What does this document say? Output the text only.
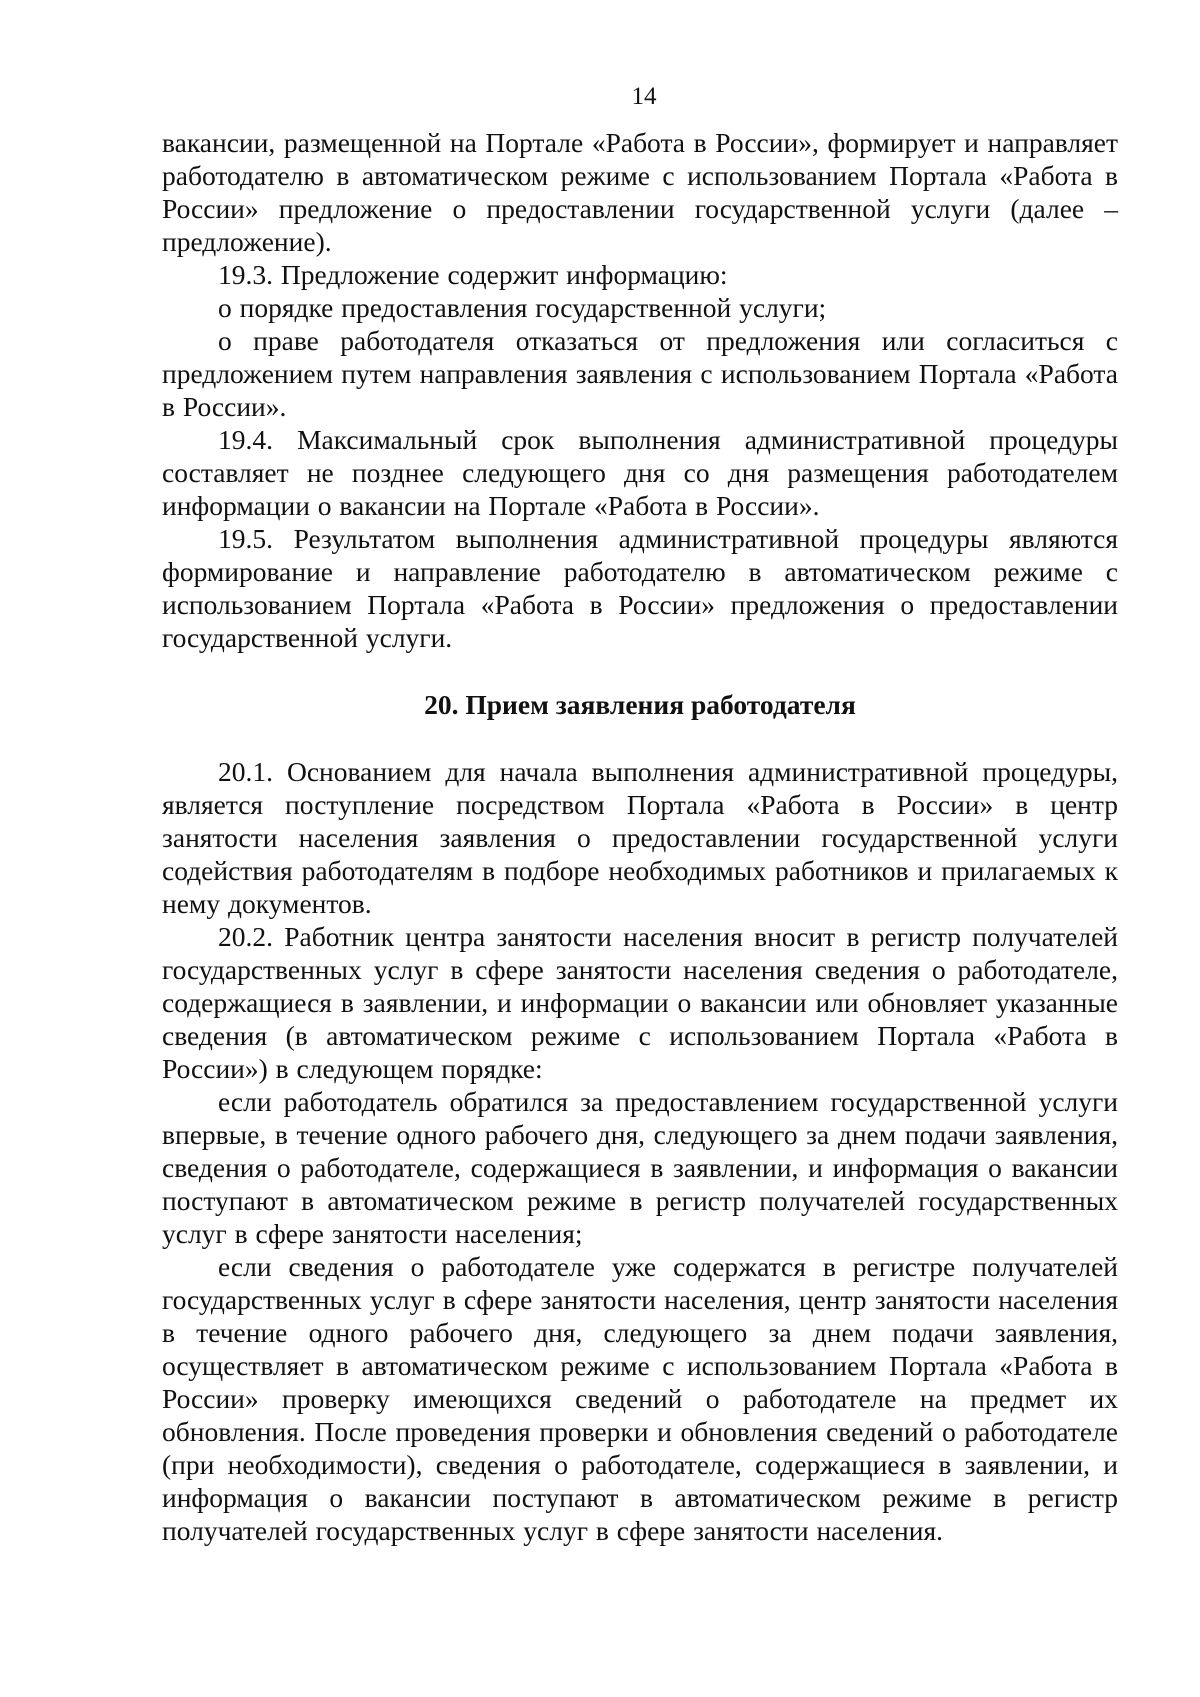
14

вакансии, размещенной на Портале «Работа в России», формирует и направляет работодателю в автоматическом режиме с использованием Портала «Работа в России» предложение о предоставлении государственной услуги (далее – предложение).

19.3. Предложение содержит информацию:

о порядке предоставления государственной услуги;

о праве работодателя отказаться от предложения или согласиться с предложением путем направления заявления с использованием Портала «Работа в России».

19.4. Максимальный срок выполнения административной процедуры составляет не позднее следующего дня со дня размещения работодателем информации о вакансии на Портале «Работа в России».

19.5. Результатом выполнения административной процедуры являются формирование и направление работодателю в автоматическом режиме с использованием Портала «Работа в России» предложения о предоставлении государственной услуги.

20. Прием заявления работодателя

20.1. Основанием для начала выполнения административной процедуры, является поступление посредством Портала «Работа в России» в центр занятости населения заявления о предоставлении государственной услуги содействия работодателям в подборе необходимых работников и прилагаемых к нему документов.

20.2. Работник центра занятости населения вносит в регистр получателей государственных услуг в сфере занятости населения сведения о работодателе, содержащиеся в заявлении, и информации о вакансии или обновляет указанные сведения (в автоматическом режиме с использованием Портала «Работа в России») в следующем порядке:

если работодатель обратился за предоставлением государственной услуги впервые, в течение одного рабочего дня, следующего за днем подачи заявления, сведения о работодателе, содержащиеся в заявлении, и информация о вакансии поступают в автоматическом режиме в регистр получателей государственных услуг в сфере занятости населения;

если сведения о работодателе уже содержатся в регистре получателей государственных услуг в сфере занятости населения, центр занятости населения в течение одного рабочего дня, следующего за днем подачи заявления, осуществляет в автоматическом режиме с использованием Портала «Работа в России» проверку имеющихся сведений о работодателе на предмет их обновления. После проведения проверки и обновления сведений о работодателе (при необходимости), сведения о работодателе, содержащиеся в заявлении, и информация о вакансии поступают в автоматическом режиме в регистр получателей государственных услуг в сфере занятости населения.
